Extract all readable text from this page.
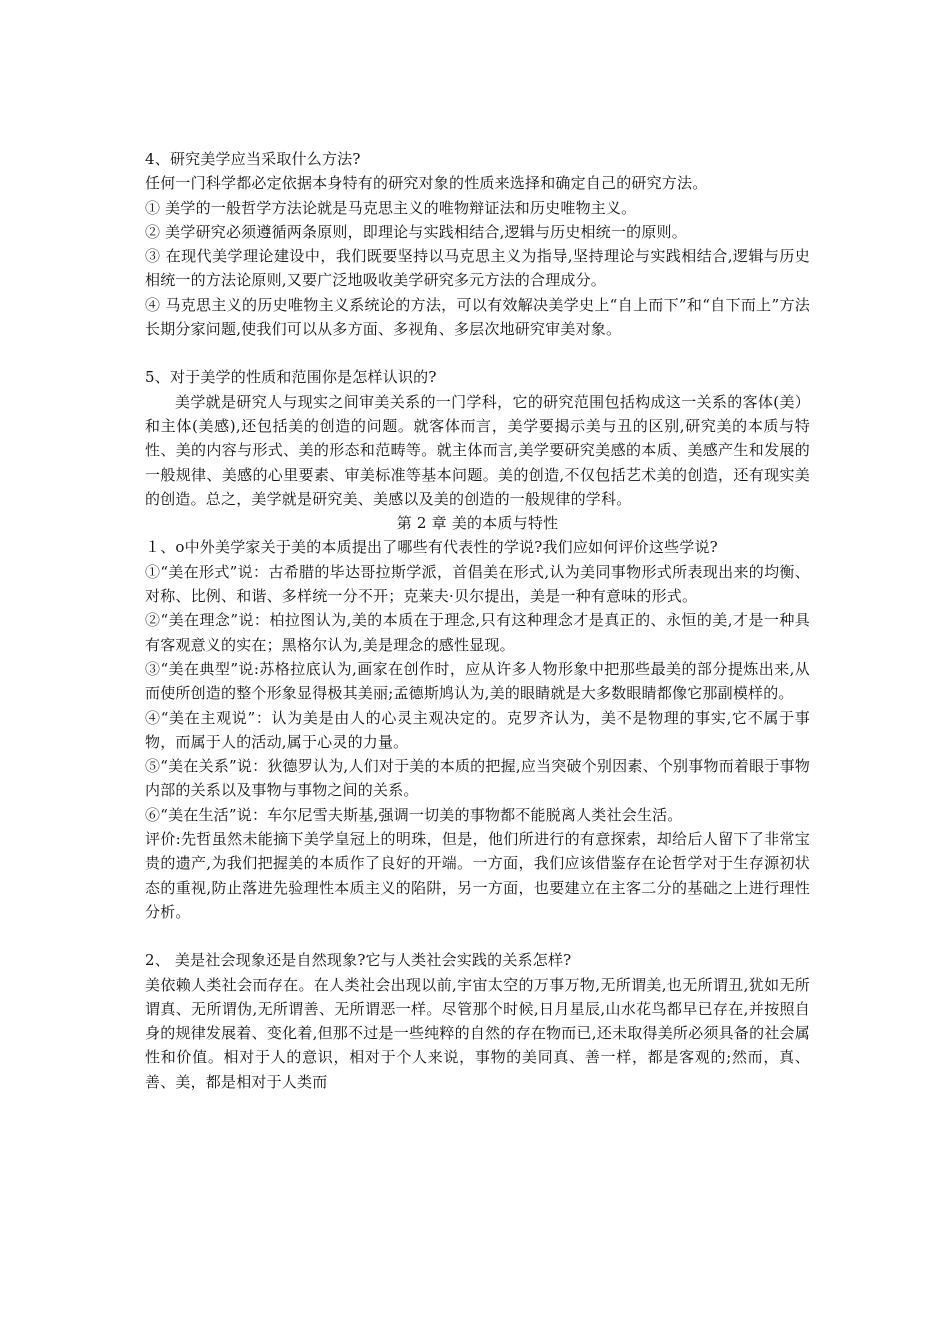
4、研究美学应当采取什么方法?

任何一门科学都必定依据本身特有的研究对象的性质来选择和确定自己的研究方法。

① 美学的一般哲学方法论就是马克思主义的唯物辩证法和历史唯物主义。

② 美学研究必须遵循两条原则，即理论与实践相结合,逻辑与历史相统一的原则。

③ 在现代美学理论建设中，我们既要坚持以马克思主义为指导,坚持理论与实践相结合,逻辑与历史相统一的方法论原则,又要广泛地吸收美学研究多元方法的合理成分。

④ 马克思主义的历史唯物主义系统论的方法，可以有效解决美学史上“自上而下”和“自下而上”方法长期分家问题,使我们可以从多方面、多视角、多层次地研究审美对象。

5、对于美学的性质和范围你是怎样认识的?

美学就是研究人与现实之间审美关系的一门学科，它的研究范围包括构成这一关系的客体(美）和主体(美感),还包括美的创造的问题。就客体而言，美学要揭示美与丑的区别,研究美的本质与特性、美的内容与形式、美的形态和范畴等。就主体而言,美学要研究美感的本质、美感产生和发展的一般规律、美感的心里要素、审美标准等基本问题。美的创造,不仅包括艺术美的创造，还有现实美的创造。总之，美学就是研究美、美感以及美的创造的一般规律的学科。

第 2 章 美的本质与特性

１、ο中外美学家关于美的本质提出了哪些有代表性的学说?我们应如何评价这些学说?

①“美在形式”说：古希腊的毕达哥拉斯学派，首倡美在形式,认为美同事物形式所表现出来的均衡、对称、比例、和谐、多样统一分不开；克莱夫·贝尔提出，美是一种有意味的形式。

②“美在理念”说：柏拉图认为,美的本质在于理念,只有这种理念才是真正的、永恒的美,才是一种具有客观意义的实在；黑格尔认为,美是理念的感性显现。

③“美在典型”说:苏格拉底认为,画家在创作时，应从许多人物形象中把那些最美的部分提炼出来,从而使所创造的整个形象显得极其美丽;孟德斯鸠认为,美的眼睛就是大多数眼睛都像它那副模样的。

④“美在主观说”：认为美是由人的心灵主观决定的。克罗齐认为，美不是物理的事实,它不属于事物，而属于人的活动,属于心灵的力量。

⑤“美在关系”说：狄德罗认为,人们对于美的本质的把握,应当突破个别因素、个别事物而着眼于事物内部的关系以及事物与事物之间的关系。

⑥“美在生活”说：车尔尼雪夫斯基,强调一切美的事物都不能脱离人类社会生活。

评价:先哲虽然未能摘下美学皇冠上的明珠，但是，他们所进行的有意探索，却给后人留下了非常宝贵的遗产,为我们把握美的本质作了良好的开端。一方面，我们应该借鉴存在论哲学对于生存源初状态的重视,防止落进先验理性本质主义的陷阱，另一方面，也要建立在主客二分的基础之上进行理性分析。

2、 美是社会现象还是自然现象?它与人类社会实践的关系怎样?

美依赖人类社会而存在。在人类社会出现以前,宇宙太空的万事万物,无所谓美,也无所谓丑,犹如无所谓真、无所谓伪,无所谓善、无所谓恶一样。尽管那个时候,日月星辰,山水花鸟都早已存在,并按照自身的规律发展着、变化着,但那不过是一些纯粹的自然的存在物而已,还未取得美所必须具备的社会属性和价值。相对于人的意识，相对于个人来说，事物的美同真、善一样，都是客观的;然而，真、善、美，都是相对于人类而
